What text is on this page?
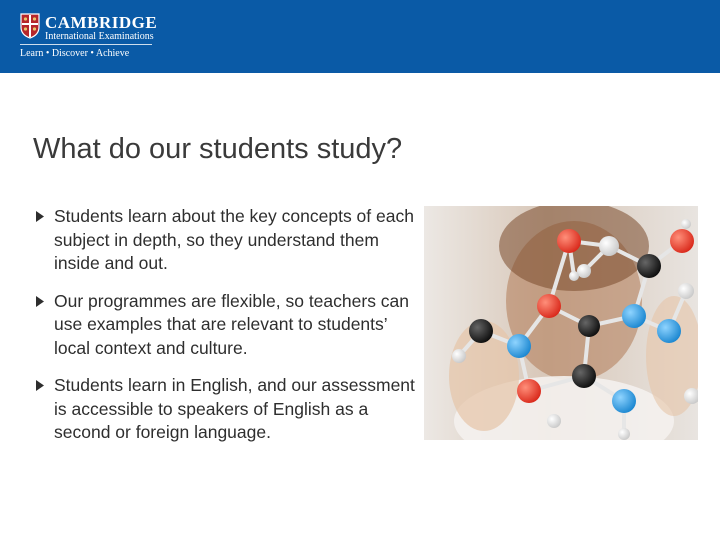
CAMBRIDGE
International Examinations
Learn • Discover • Achieve
What do our students study?
Students learn about the key concepts of each subject in depth, so they understand them inside and out.
Our programmes are flexible, so teachers can use examples that are relevant to students’ local context and culture.
Students learn in English, and our assessment is accessible to speakers of English as a second or foreign language.
